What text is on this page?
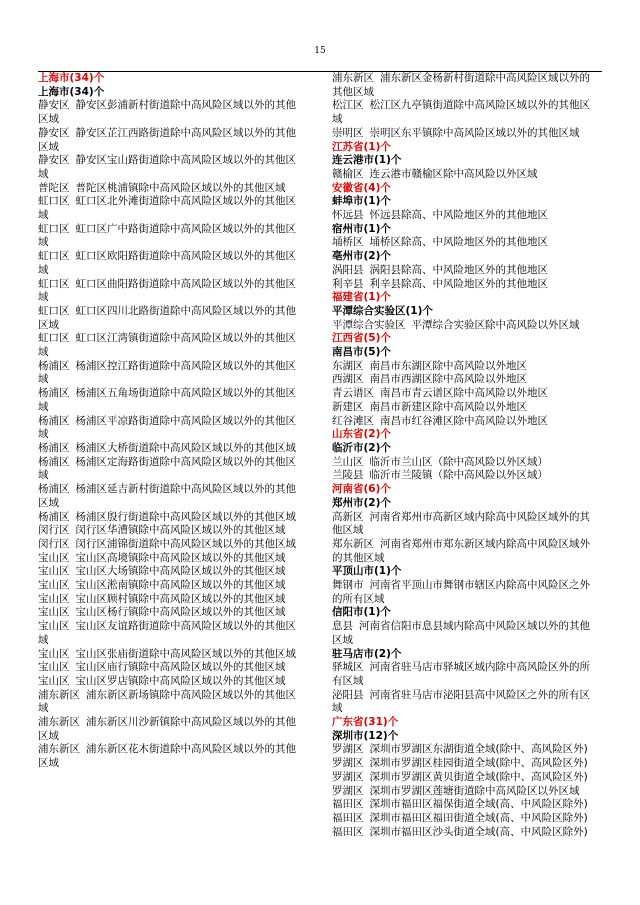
15
上海市(34)个
上海市(34)个
静安区 静安区彭浦新村街道除中高风险区域以外的其他区域
静安区 静安区芷江西路街道除中高风险区域以外的其他区域
静安区 静安区宝山路街道除中高风险区域以外的其他区域
普陀区 普陀区桃浦镇除中高风险区域以外的其他区域
虹口区 虹口区北外滩街道除中高风险区域以外的其他区域
虹口区 虹口区广中路街道除中高风险区域以外的其他区域
虹口区 虹口区欧阳路街道除中高风险区域以外的其他区域
虹口区 虹口区曲阳路街道除中高风险区域以外的其他区域
虹口区 虹口区四川北路街道除中高风险区域以外的其他区域
虹口区 虹口区江湾镇街道除中高风险区域以外的其他区域
杨浦区 杨浦区控江路街道除中高风险区域以外的其他区域
杨浦区 杨浦区五角场街道除中高风险区域以外的其他区域
杨浦区 杨浦区平凉路街道除中高风险区域以外的其他区域
杨浦区 杨浦区大桥街道除中高风险区域以外的其他区域
杨浦区 杨浦区定海路街道除中高风险区域以外的其他区域
杨浦区 杨浦区延吉新村街道除中高风险区域以外的其他区域
杨浦区 杨浦区殷行街道除中高风险区域以外的其他区域
闵行区 闵行区华漕镇除中高风险区域以外的其他区域
闵行区 闵行区浦锦街道除中高风险区域以外的其他区域
宝山区 宝山区高境镇除中高风险区域以外的其他区域
宝山区 宝山区大场镇除中高风险区域以外的其他区域
宝山区 宝山区淞南镇除中高风险区域以外的其他区域
宝山区 宝山区顾村镇除中高风险区域以外的其他区域
宝山区 宝山区杨行镇除中高风险区域以外的其他区域
宝山区 宝山区友谊路街道除中高风险区域以外的其他区域
宝山区 宝山区张庙街道除中高风险区域以外的其他区域
宝山区 宝山区庙行镇除中高风险区域以外的其他区域
宝山区 宝山区罗店镇除中高风险区域以外的其他区域
浦东新区 浦东新区新场镇除中高风险区域以外的其他区域
浦东新区 浦东新区川沙新镇除中高风险区域以外的其他区域
浦东新区 浦东新区花木街道除中高风险区域以外的其他区域
浦东新区 浦东新区金杨新村街道除中高风险区域以外的其他区域
松江区 松江区九亭镇街道除中高风险区域以外的其他区域
崇明区 崇明区东平镇除中高风险区域以外的其他区域
江苏省(1)个
连云港市(1)个
赣榆区 连云港市赣榆区除中高风险以外区域
安徽省(4)个
蚌埠市(1)个
怀远县 怀远县除高、中风险地区外的其他地区
宿州市(1)个
埇桥区 埇桥区除高、中风险地区外的其他地区
亳州市(2)个
涡阳县 涡阳县除高、中风险地区外的其他地区
利辛县 利辛县除高、中风险地区外的其他地区
福建省(1)个
平潭综合实验区(1)个
平潭综合实验区 平潭综合实验区除中高风险以外区域
江西省(5)个
南昌市(5)个
东湖区 南昌市东湖区除中高风险以外地区
西湖区 南昌市西湖区除中高风险以外地区
青云谱区 南昌市青云谱区除中高风险以外地区
新建区 南昌市新建区除中高风险以外地区
红谷滩区 南昌市红谷滩区除中高风险以外地区
山东省(2)个
临沂市(2)个
兰山区 临沂市兰山区（除中高风险以外区域）
兰陵县 临沂市兰陵镇（除中高风险以外区域）
河南省(6)个
郑州市(2)个
高新区 河南省郑州市高新区域内除高中风险区域外的其他区域
郑东新区 河南省郑州市郑东新区域内除高中风险区域外的其他区域
平顶山市(1)个
舞钢市 河南省平顶山市舞钢市辖区内除高中风险区之外的所有区域
信阳市(1)个
息县 河南省信阳市息县域内除高中风险区域以外的其他区域
驻马店市(2)个
驿城区 河南省驻马店市驿城区域内除中高风险区外的所有区域
泌阳县 河南省驻马店市泌阳县高中风险区之外的所有区域
广东省(31)个
深圳市(12)个
罗湖区 深圳市罗湖区东湖街道全域(除中、高风险区外)
罗湖区 深圳市罗湖区桂园街道全域(除中、高风险区外)
罗湖区 深圳市罗湖区黄贝街道全域(除中、高风险区外)
罗湖区 深圳市罗湖区莲塘街道除中高风险区以外区域
福田区 深圳市福田区福保街道全域(高、中风险区除外)
福田区 深圳市福田区福田街道全域(高、中风险区除外)
福田区 深圳市福田区沙头街道全域(高、中风险区除外)
